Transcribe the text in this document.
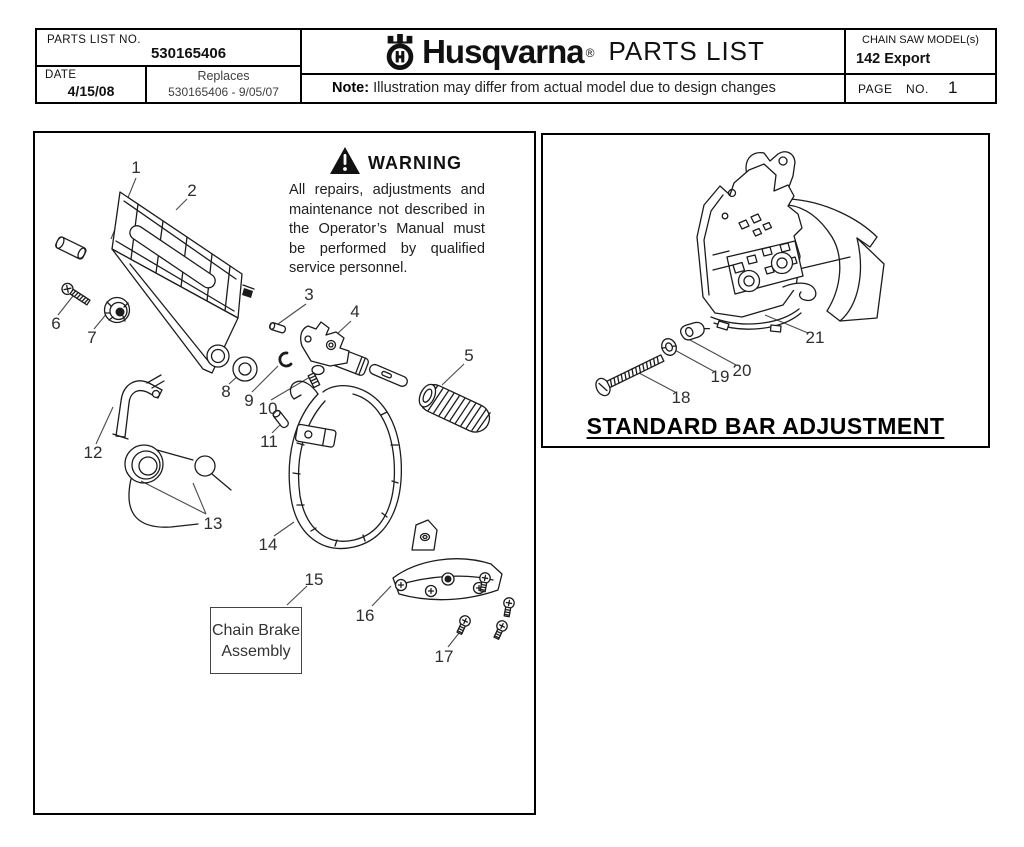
PARTS LIST NO.
530165406
DATE
4/15/08
Replaces
530165406 - 9/05/07
Husqvarna ® PARTS LIST
Note: Illustration may differ from actual model due to design changes
CHAIN SAW MODEL(s)
142 Export
PAGE NO. 1
WARNING
All repairs, adjustments and maintenance not described in the Operator’s Manual must be performed by qualified service personnel.
Chain Brake Assembly
1
2
3
4
5
6
7
8 9 10
11
12
13
14
15
16
17
STANDARD BAR ADJUSTMENT
18
19 20
21
